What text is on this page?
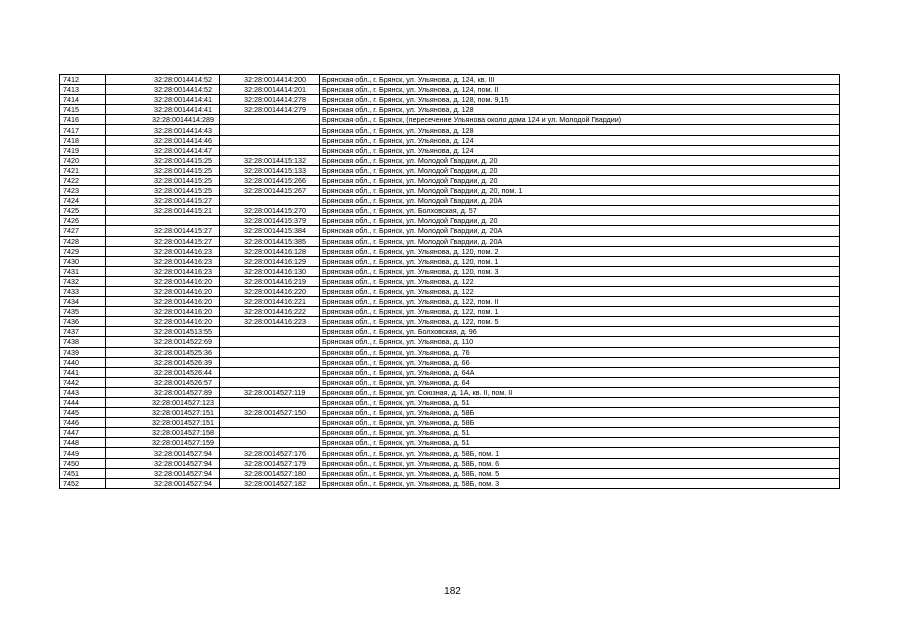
7412	32:28:0014414:52	32:28:0014414:200	Брянская обл., г. Брянск, ул. Ульянова, д. 124, кв. III
7413	32:28:0014414:52	32:28:0014414:201	Брянская обл., г. Брянск, ул. Ульянова, д. 124, пом. II
7414	32:28:0014414:41	32:28:0014414:278	Брянская обл., г. Брянск, ул. Ульянова, д. 128, пом. 9,15
7415	32:28:0014414:41	32:28:0014414:279	Брянская обл., г. Брянск, ул. Ульянова, д. 128
7416	32:28:0014414:289		Брянская обл., г. Брянск, (пересечение Ульянова около дома 124 и ул. Молодой Гвардии)
7417	32:28:0014414:43		Брянская обл., г. Брянск, ул. Ульянова, д. 128
7418	32:28:0014414:46		Брянская обл., г. Брянск, ул. Ульянова, д. 124
7419	32:28:0014414:47		Брянская обл., г. Брянск, ул. Ульянова, д. 124
7420	32:28:0014415:25	32:28:0014415:132	Брянская обл., г. Брянск, ул. Молодой Гвардии, д. 20
7421	32:28:0014415:25	32:28:0014415:133	Брянская обл., г. Брянск, ул. Молодой Гвардии, д. 20
7422	32:28:0014415:25	32:28:0014415:266	Брянская обл., г. Брянск, ул. Молодой Гвардии, д. 20
7423	32:28:0014415:25	32:28:0014415:267	Брянская обл., г. Брянск, ул. Молодой Гвардии, д. 20, пом. 1
7424	32:28:0014415:27		Брянская обл., г. Брянск, ул. Молодой Гвардии, д. 20А
7425	32:28:0014415:21	32:28:0014415:270	Брянская обл., г. Брянск, ул. Болховская, д. 57
7426		32:28:0014415:379	Брянская обл., г. Брянск, ул. Молодой Гвардии, д. 20
7427	32:28:0014415:27	32:28:0014415:384	Брянская обл., г. Брянск, ул. Молодой Гвардии, д. 20А
7428	32:28:0014415:27	32:28:0014415:385	Брянская обл., г. Брянск, ул. Молодой Гвардии, д. 20А
7429	32:28:0014416:23	32:28:0014416:128	Брянская обл., г. Брянск, ул. Ульянова, д. 120, пом. 2
7430	32:28:0014416:23	32:28:0014416:129	Брянская обл., г. Брянск, ул. Ульянова, д. 120, пом. 1
7431	32:28:0014416:23	32:28:0014416:130	Брянская обл., г. Брянск, ул. Ульянова, д. 120, пом. 3
7432	32:28:0014416:20	32:28:0014416:219	Брянская обл., г. Брянск, ул. Ульянова, д. 122
7433	32:28:0014416:20	32:28:0014416:220	Брянская обл., г. Брянск, ул. Ульянова, д. 122
7434	32:28:0014416:20	32:28:0014416:221	Брянская обл., г. Брянск, ул. Ульянова, д. 122, пом. II
7435	32:28:0014416:20	32:28:0014416:222	Брянская обл., г. Брянск, ул. Ульянова, д. 122, пом. 1
7436	32:28:0014416:20	32:28:0014416:223	Брянская обл., г. Брянск, ул. Ульянова, д. 122, пом. 5
7437	32:28:0014513:55		Брянская обл., г. Брянск, ул. Болховская, д. 96
7438	32:28:0014522:69		Брянская обл., г. Брянск, ул. Ульянова, д. 110
7439	32:28:0014525:36		Брянская обл., г. Брянск, ул. Ульянова, д. 76
7440	32:28:0014526:39		Брянская обл., г. Брянск, ул. Ульянова, д. 66
7441	32:28:0014526:44		Брянская обл., г. Брянск, ул. Ульянова, д. 64А
7442	32:28:0014526:57		Брянская обл., г. Брянск, ул. Ульянова, д. 64
7443	32:28:0014527:89	32:28:0014527:119	Брянская обл., г. Брянск, ул. Союзная, д. 1А, кв. II, пом. II
7444	32:28:0014527:123		Брянская обл., г. Брянск, ул. Ульянова, д. 51
7445	32:28:0014527:151	32:28:0014527:150	Брянская обл., г. Брянск, ул. Ульянова, д. 58Б
7446	32:28:0014527:151		Брянская обл., г. Брянск, ул. Ульянова, д. 58Б
7447	32:28:0014527:158		Брянская обл., г. Брянск, ул. Ульянова, д. 51
7448	32:28:0014527:159		Брянская обл., г. Брянск, ул. Ульянова, д. 51
7449	32:28:0014527:94	32:28:0014527:176	Брянская обл., г. Брянск, ул. Ульянова, д. 58Б, пом. 1
7450	32:28:0014527:94	32:28:0014527:179	Брянская обл., г. Брянск, ул. Ульянова, д. 58Б, пом. 6
7451	32:28:0014527:94	32:28:0014527:180	Брянская обл., г. Брянск, ул. Ульянова, д. 58Б, пом. 5
7452	32:28:0014527:94	32:28:0014527:182	Брянская обл., г. Брянск, ул. Ульянова, д. 58Б, пом. 3
182
